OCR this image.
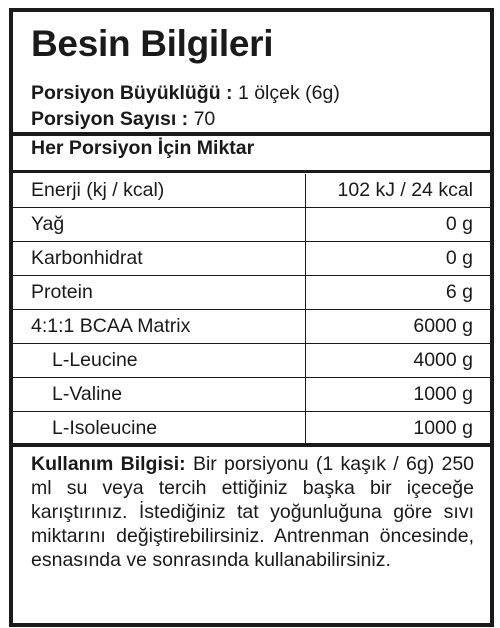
Besin Bilgileri
Porsiyon Büyüklüğü : 1 ölçek (6g)
Porsiyon Sayısı : 70
Her Porsiyon İçin Miktar
Enerji (kj / kcal)	102 kJ / 24 kcal
Yağ	0 g
Karbonhidrat	0 g
Protein	6 g
4:1:1 BCAA Matrix	6000 g
L-Leucine	4000 g
L-Valine	1000 g
L-Isoleucine	1000 g
Kullanım Bilgisi: Bir porsiyonu (1 kaşık / 6g) 250 ml su veya tercih ettiğiniz başka bir içeceğe karıştırınız. İstediğiniz tat yoğunluğuna göre sıvı miktarını değiştirebilirsiniz. Antrenman öncesinde, esnasında ve sonrasında kullanabilirsiniz.
